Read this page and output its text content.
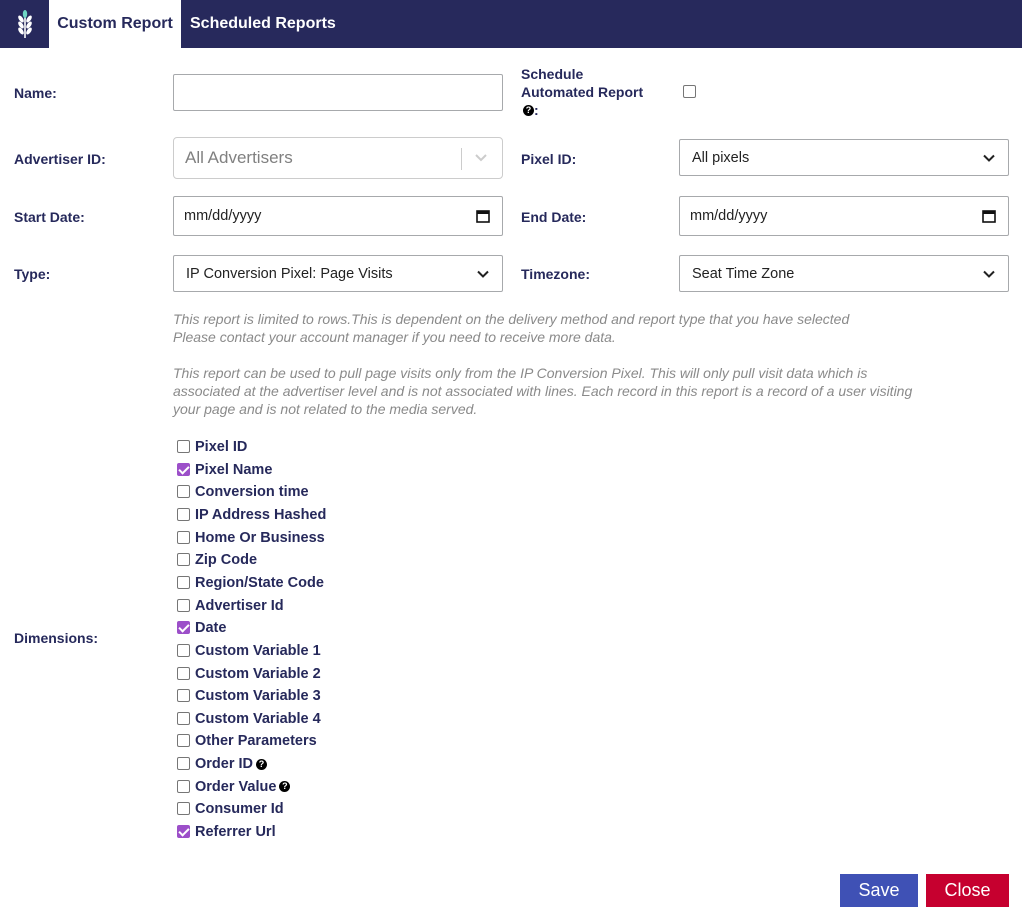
Custom Report	Scheduled Reports
Name:
Schedule
Automated Report
? :
Advertiser ID:	All Advertisers	Pixel ID:	All pixels
Start Date:	mm/dd/yyyy	End Date:	mm/dd/yyyy
Type:	IP Conversion Pixel: Page Visits	Timezone:	Seat Time Zone
This report is limited to rows.This is dependent on the delivery method and report type that you have selected
Please contact your account manager if you need to receive more data.
This report can be used to pull page visits only from the IP Conversion Pixel. This will only pull visit data which is
associated at the advertiser level and is not associated with lines. Each record in this report is a record of a user visiting
your page and is not related to the media served.
Dimensions:
Pixel ID
Pixel Name
Conversion time
IP Address Hashed
Home Or Business
Zip Code
Region/State Code
Advertiser Id
Date
Custom Variable 1
Custom Variable 2
Custom Variable 3
Custom Variable 4
Other Parameters
Order ID ?
Order Value ?
Consumer Id
Referrer Url
Save	Close
